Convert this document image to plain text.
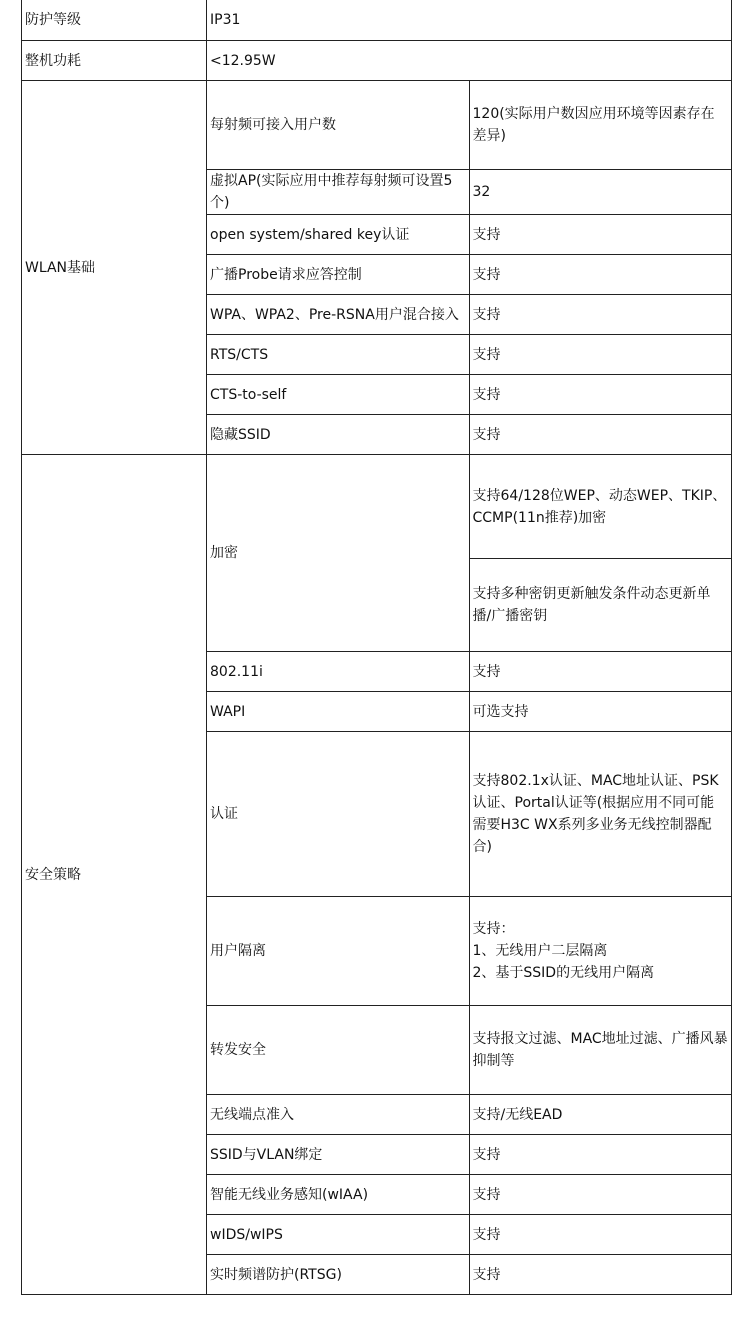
防护等级	IP31	
整机功耗	<12.95W	
WLAN基础	每射频可接入用户数	120(实际用户数因应用环境等因素存在差异)
	虚拟AP(实际应用中推荐每射频可设置5个)	32
	open system/shared key认证	支持
	广播Probe请求应答控制	支持
	WPA、WPA2、Pre-RSNA用户混合接入	支持
	RTS/CTS	支持
	CTS-to-self	支持
	隐藏SSID	支持
安全策略	加密	支持64/128位WEP、动态WEP、TKIP、CCMP(11n推荐)加密
		支持多种密钥更新触发条件动态更新单播/广播密钥
	802.11i	支持
	WAPI	可选支持
	认证	支持802.1x认证、MAC地址认证、PSK认证、Portal认证等(根据应用不同可能需要H3C WX系列多业务无线控制器配合)
	用户隔离	支持：
1、无线用户二层隔离
2、基于SSID的无线用户隔离
	转发安全	支持报文过滤、MAC地址过滤、广播风暴抑制等
	无线端点准入	支持/无线EAD
	SSID与VLAN绑定	支持
	智能无线业务感知(wIAA)	支持
	wIDS/wIPS	支持
	实时频谱防护(RTSG)	支持
